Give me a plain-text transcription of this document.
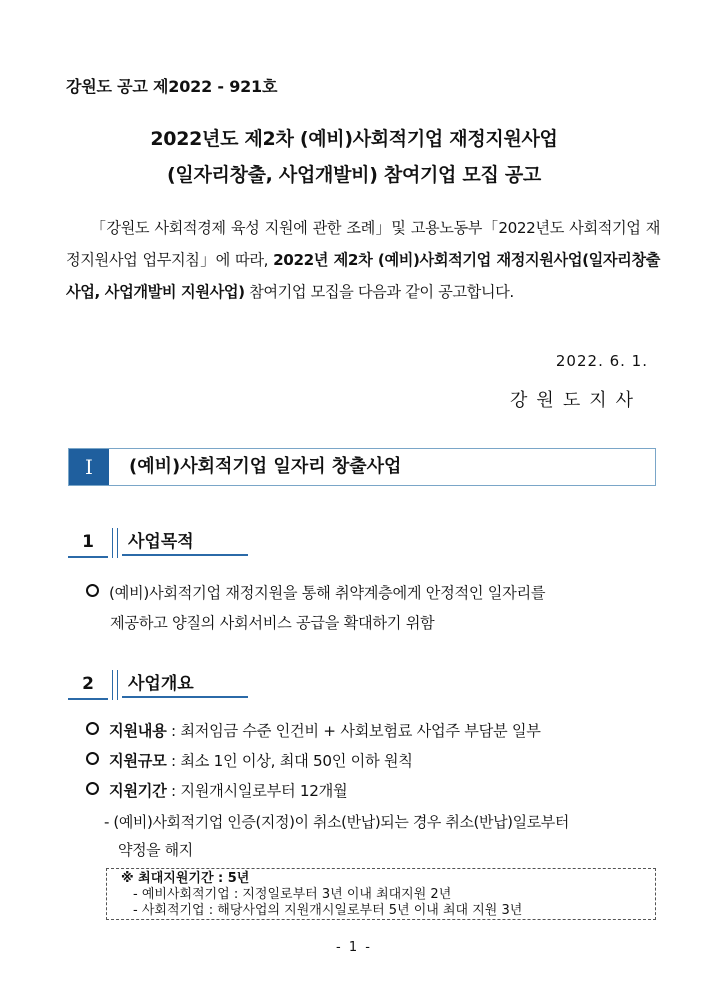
강원도 공고 제2022 - 921호
2022년도 제2차 (예비)사회적기업 재정지원사업
(일자리창출, 사업개발비) 참여기업 모집 공고
「강원도 사회적경제 육성 지원에 관한 조례」및 고용노동부「2022년도 사회적기업 재정지원사업 업무지침」에 따라, 2022년 제2차 (예비)사회적기업 재정지원사업(일자리창출사업, 사업개발비 지원사업) 참여기업 모집을 다음과 같이 공고합니다.
2022. 6. 1.
강원도지사
Ⅰ	(예비)사회적기업 일자리 창출사업
1	사업목적
(예비)사회적기업 재정지원을 통해 취약계층에게 안정적인 일자리를
제공하고 양질의 사회서비스 공급을 확대하기 위함
2	사업개요
지원내용 : 최저임금 수준 인건비 + 사회보험료 사업주 부담분 일부
지원규모 : 최소 1인 이상, 최대 50인 이하 원칙
지원기간 : 지원개시일로부터 12개월
- (예비)사회적기업 인증(지정)이 취소(반납)되는 경우 취소(반납)일로부터
약정을 해지
※ 최대지원기간 : 5년
- 예비사회적기업 : 지정일로부터 3년 이내 최대지원 2년
- 사회적기업 : 해당사업의 지원개시일로부터 5년 이내 최대 지원 3년
- 1 -
